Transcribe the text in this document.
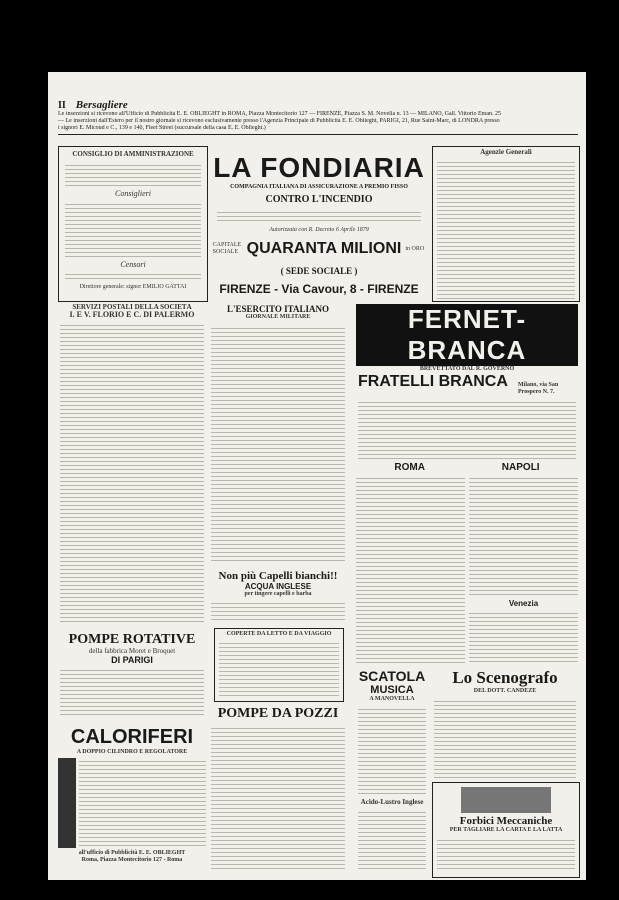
II Bersagliere
Le inserzioni si ricevono all'Ufficio di Pubblicità E. E. OBLIEGHT in ROMA, Piazza Montecitorio 127 — FIRENZE, Piazza S. M. Novella n. 13 — MILANO, Gall. Vittorio Eman. 25
— Le inserzioni dall'Estero per il nostro giornale si ricevono esclusivamente presso l'Agenzia Principale di Pubblicità E. E. Oblieght, PARIGI, 21, Rue Saint-Marc, di LONDRA presso
i signori E. Micoud e C., 139 e 140, Fleet Street (succursale della casa E. E. Oblieght.)
CONSIGLIO DI AMMINISTRAZIONE
Consiglieri
Censori
Direttore generale: signor EMILIO GATTAI
LA FONDIARIA
COMPAGNIA ITALIANA DI ASSICURAZIONE A PREMIO FISSO
CONTRO L'INCENDIO
Autorizzata con R. Decreto 6 Aprile 1879
CAPITALE SOCIALE QUARANTA MILIONI in ORO
( SEDE SOCIALE )
FIRENZE - Via Cavour, 8 - FIRENZE
Agenzie Generali
SERVIZI POSTALI DELLA SOCIETÀ
I. E V. FLORIO E C. DI PALERMO
L'ESERCITO ITALIANO
GIORNALE MILITARE	FERNET-BRANCA
BREVETTATO DAL R. GOVERNO
FRATELLI BRANCA Milano, via San Prospero N. 7.
ROMA	NAPOLI
Venezia
Non più Capelli bianchi!!
ACQUA INGLESE
per tingere capelli e barba
COPERTE DA LETTO E DA VIAGGIO
POMPE ROTATIVE
della fabbrica Moret e Broquet
DI PARIGI
CALORIFERI
A DOPPIO CILINDRO E REGOLATORE
all'ufficio di Pubblicità E. E. OBLIEGHT
Roma, Piazza Montecitorio 127 - Roma
POMPE DA POZZI
SCATOLA
MUSICA
A MANOVELLA
Acido-Lustro Inglese
Lo Scenografo
DEL DOTT. CANDEZE
Forbici Meccaniche
PER TAGLIARE LA CARTA E LA LATTA
